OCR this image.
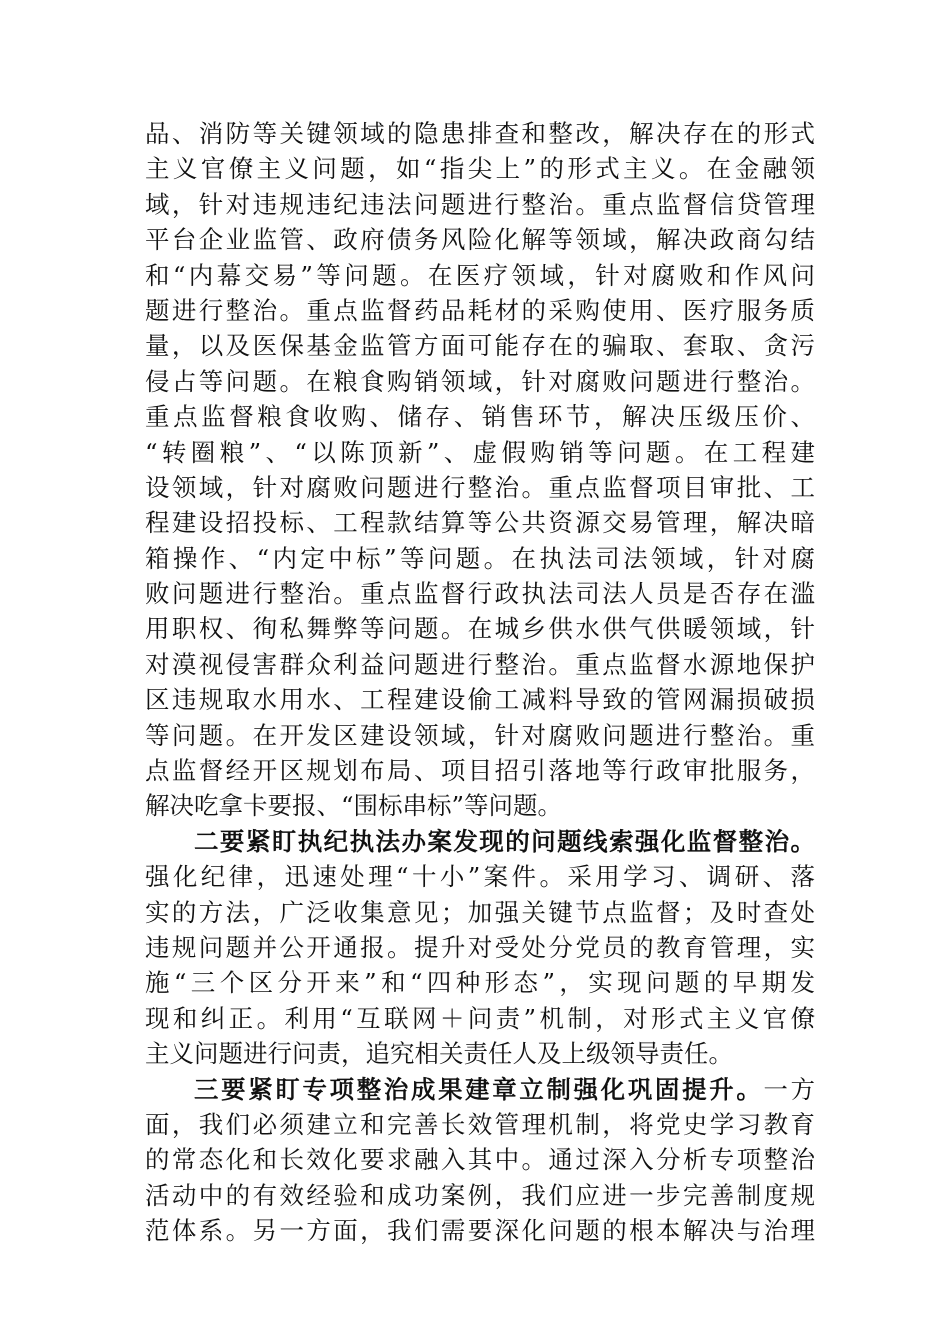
品、消防等关键领域的隐患排查和整改，解决存在的形式
主义官僚主义问题，如“指尖上”的形式主义。在金融领
域，针对违规违纪违法问题进行整治。重点监督信贷管理
平台企业监管、政府债务风险化解等领域，解决政商勾结
和“内幕交易”等问题。在医疗领域，针对腐败和作风问
题进行整治。重点监督药品耗材的采购使用、医疗服务质
量，以及医保基金监管方面可能存在的骗取、套取、贪污
侵占等问题。在粮食购销领域，针对腐败问题进行整治。
重点监督粮食收购、储存、销售环节，解决压级压价、
“转圈粮”、“以陈顶新”、虚假购销等问题。在工程建
设领域，针对腐败问题进行整治。重点监督项目审批、工
程建设招投标、工程款结算等公共资源交易管理，解决暗
箱操作、“内定中标”等问题。在执法司法领域，针对腐
败问题进行整治。重点监督行政执法司法人员是否存在滥
用职权、徇私舞弊等问题。在城乡供水供气供暖领域，针
对漠视侵害群众利益问题进行整治。重点监督水源地保护
区违规取水用水、工程建设偷工减料导致的管网漏损破损
等问题。在开发区建设领域，针对腐败问题进行整治。重
点监督经开区规划布局、项目招引落地等行政审批服务，
解决吃拿卡要报、“围标串标”等问题。
二要紧盯执纪执法办案发现的问题线索强化监督整治。
强化纪律，迅速处理“十小”案件。采用学习、调研、落
实的方法，广泛收集意见；加强关键节点监督；及时查处
违规问题并公开通报。提升对受处分党员的教育管理，实
施“三个区分开来”和“四种形态”，实现问题的早期发
现和纠正。利用“互联网＋问责”机制，对形式主义官僚
主义问题进行问责，追究相关责任人及上级领导责任。
三要紧盯专项整治成果建章立制强化巩固提升。一方
面，我们必须建立和完善长效管理机制，将党史学习教育
的常态化和长效化要求融入其中。通过深入分析专项整治
活动中的有效经验和成功案例，我们应进一步完善制度规
范体系。另一方面，我们需要深化问题的根本解决与治理
